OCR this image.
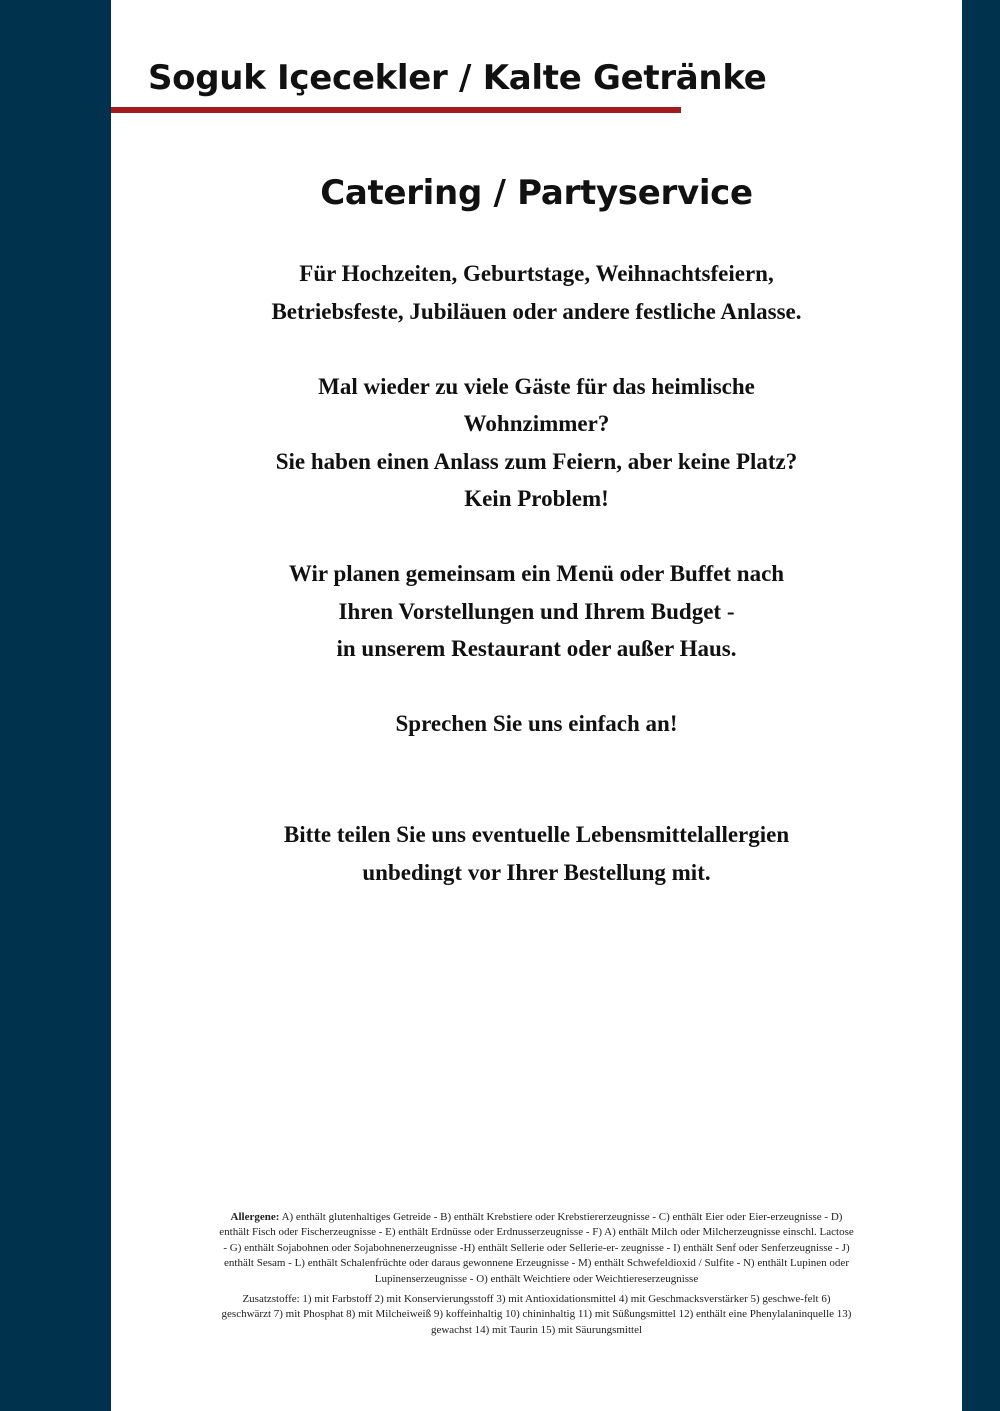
Soguk Içecekler / Kalte Getränke
Catering / Partyservice

Für Hochzeiten, Geburtstage, Weihnachtsfeiern,
Betriebsfeste, Jubiläuen oder andere festliche Anlasse.

Mal wieder zu viele Gäste für das heimlische
Wohnzimmer?
Sie haben einen Anlass zum Feiern, aber keine Platz?
Kein Problem!

Wir planen gemeinsam ein Menü oder Buffet nach
Ihren Vorstellungen und Ihrem Budget -
in unserem Restaurant oder außer Haus.

Sprechen Sie uns einfach an!

Bitte teilen Sie uns eventuelle Lebensmittelallergien
unbedingt vor Ihrer Bestellung mit.

Allergene: A) enthält glutenhaltiges Getreide - B) enthält Krebstiere oder Krebstiererzeugnisse - C) enthält Eier oder Eier-erzeugnisse - D) enthält Fisch oder Fischerzeugnisse - E) enthält Erdnüsse oder Erdnusserzeugnisse - F) A) enthält Milch oder Milcherzeugnisse einschl. Lactose - G) enthält Sojabohnen oder Sojabohnenerzeugnisse -H) enthält Sellerie oder Sellerie-er- zeugnisse - I) enthält Senf oder Senferzeugnisse - J) enthält Sesam - L) enthält Schalenfrüchte oder daraus gewonnene Erzeugnisse - M) enthält Schwefeldioxid / Sulfite - N) enthält Lupinen oder Lupinenserzeugnisse - O) enthält Weichtiere oder Weichtiereserzeugnisse

Zusatzstoffe: 1) mit Farbstoff 2) mit Konservierungsstoff 3) mit Antioxidationsmittel 4) mit Geschmacksverstärker 5) geschwe-felt 6) geschwärzt 7) mit Phosphat 8) mit Milcheiweiß 9) koffeinhaltig 10) chininhaltig 11) mit Süßungsmittel 12) enthält eine Phenylalaninquelle 13) gewachst 14) mit Taurin 15) mit Säurungsmittel
